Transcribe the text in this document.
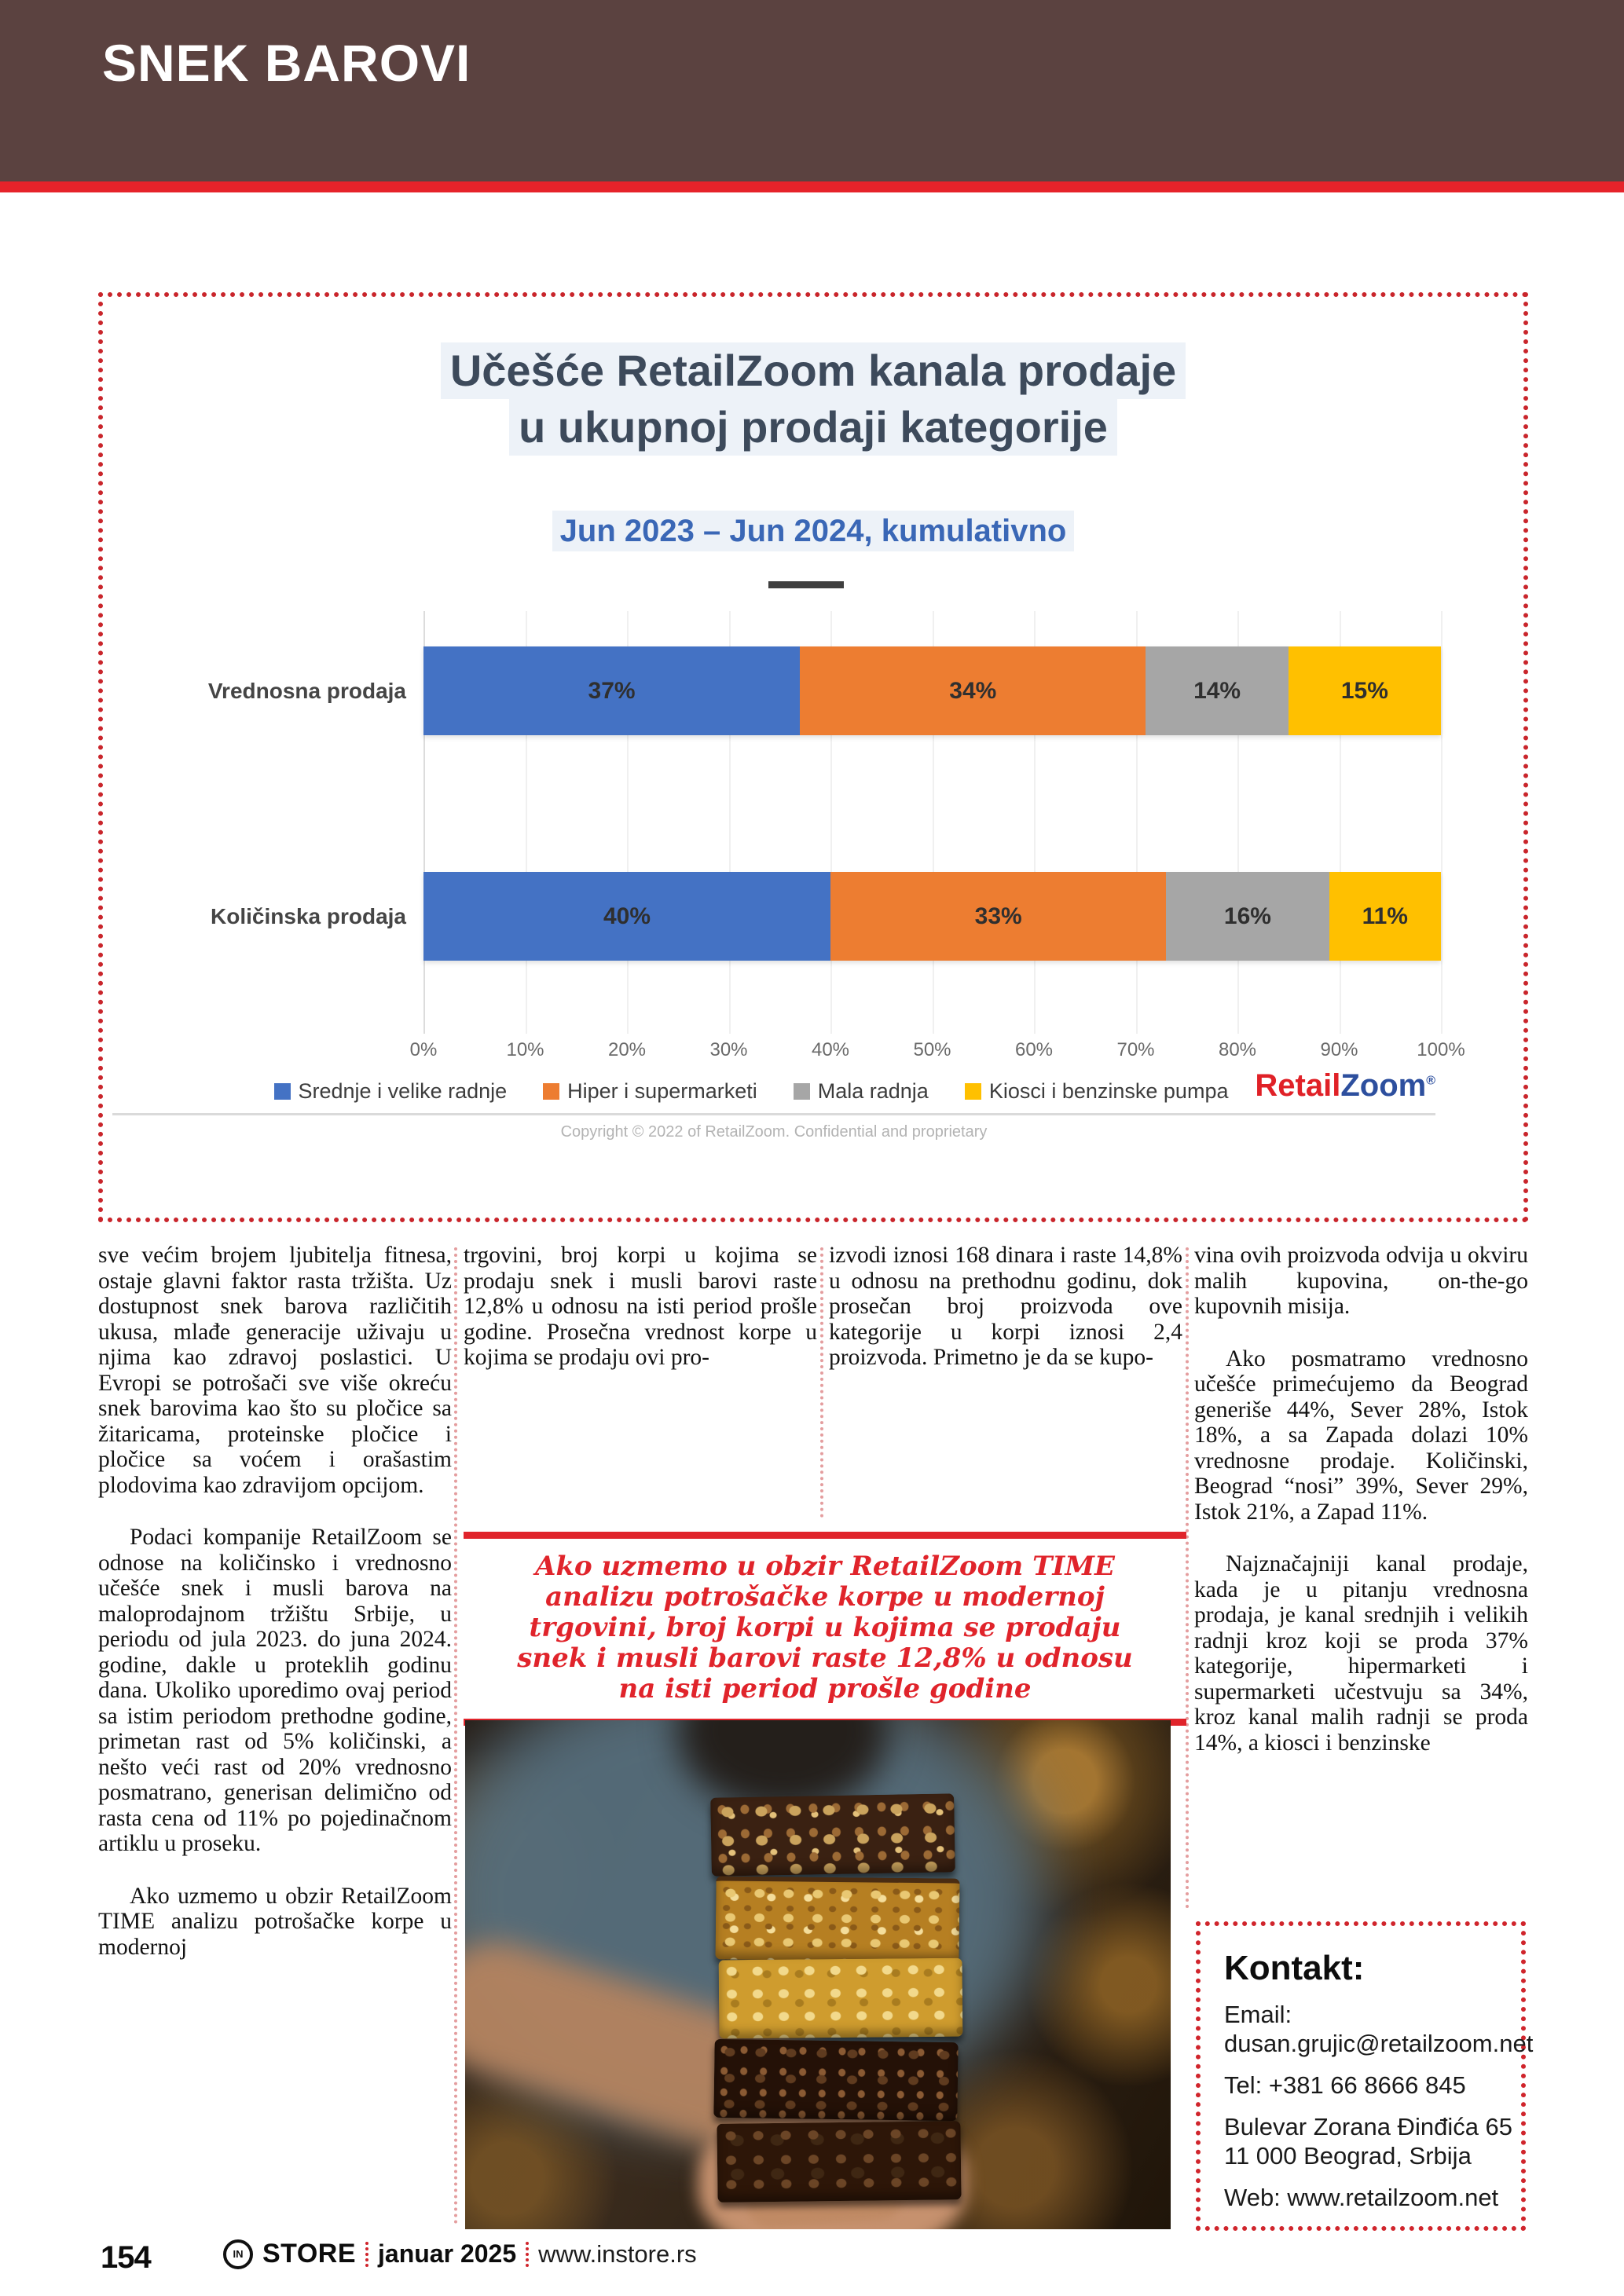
SNEK BAROVI
Učešće RetailZoom kanala prodaje
u ukupnoj prodaji kategorije
Jun 2023 – Jun 2024, kumulativno
0%	10%	20%	30%	40%	50%	60%	70%	80%	90%	100%
37%	34%	14%	15%
Vrednosna prodaja
40%	33%	16%	11%
Količinska prodaja
Srednje i velike radnje	Hiper i supermarketi	Mala radnja	Kiosci i benzinske pumpa RetailZoom®
Copyright © 2022 of RetailZoom. Confidential and proprietary

sve većim brojem ljubitelja fitnesa, ostaje glavni faktor rasta tržišta. Uz dostupnost snek barova različitih ukusa, mlađe generacije uživaju u njima kao zdravoj poslastici. U Evropi se potrošači sve više okreću snek barovima kao što su pločice sa žitaricama, proteinske pločice i pločice sa voćem i orašastim plodovima kao zdravijom opcijom.

Podaci kompanije RetailZoom se odnose na količinsko i vrednosno učešće snek i musli barova na maloprodajnom tržištu Srbije, u periodu od jula 2023. do juna 2024. godine, dakle u proteklih godinu dana. Ukoliko uporedimo ovaj period sa istim periodom prethodne godine, primetan rast od 5% količinski, a nešto veći rast od 20% vrednosno posmatrano, generisan delimično od rasta cena od 11% po pojedinačnom artiklu u proseku.

Ako uzmemo u obzir RetailZoom TIME analizu potrošačke korpe u modernoj

trgovini, broj korpi u kojima se prodaju snek i musli barovi raste 12,8% u odnosu na isti period prošle godine. Prosečna vrednost korpe u kojima se prodaju ovi pro-

izvodi iznosi 168 dinara i raste 14,8% u odnosu na prethodnu godinu, dok prosečan broj proizvoda ove kategorije u korpi iznosi 2,4 proizvoda. Primetno je da se kupo-

vina ovih proizvoda odvija u okviru malih kupovina, on-the-go kupovnih misija.

Ako posmatramo vrednosno učešće primećujemo da Beograd generiše 44%, Sever 28%, Istok 18%, a sa Zapada dolazi 10% vrednosne prodaje. Količinski, Beograd “nosi” 39%, Sever 29%, Istok 21%, a Zapad 11%.

Najznačajniji kanal prodaje, kada je u pitanju vrednosna prodaja, je kanal srednjih i velikih radnji kroz koji se proda 37% kategorije, hipermarketi i supermarketi učestvuju sa 34%, kroz kanal malih radnji se proda 14%, a kiosci i benzinske

Ako uzmemo u obzir RetailZoom TIME analizu potrošačke korpe u modernoj trgovini, broj korpi u kojima se prodaju snek i musli barovi raste 12,8% u odnosu na isti period prošle godine

Kontakt:
Email:
dusan.grujic@retailzoom.net
Tel: +381 66 8666 845
Bulevar Zorana Đinđića 65
11 000 Beograd, Srbija
Web: www.retailzoom.net
154	IN STORE januar 2025 www.instore.rs
